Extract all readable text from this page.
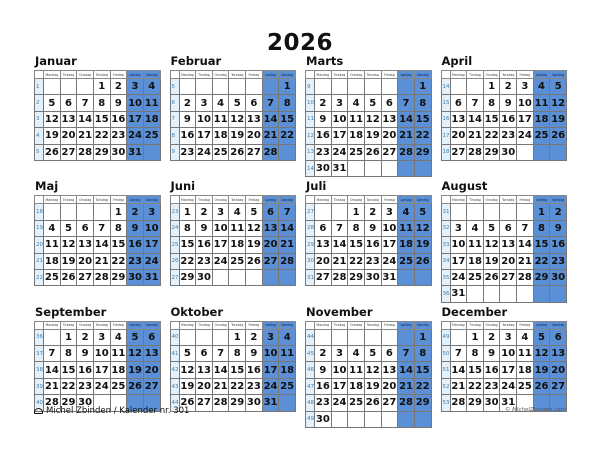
2026
Januar
	Mandag	Tirsdag	Onsdag	Torsdag	Fredag	Lørdag	Søndag
1				1	2	3	4
2	5	6	7	8	9	10	11
3	12	13	14	15	16	17	18
4	19	20	21	22	23	24	25
5	26	27	28	29	30	31	
Februar
	Mandag	Tirsdag	Onsdag	Torsdag	Fredag	Lørdag	Søndag
5							1
6	2	3	4	5	6	7	8
7	9	10	11	12	13	14	15
8	16	17	18	19	20	21	22
9	23	24	25	26	27	28	
Marts
	Mandag	Tirsdag	Onsdag	Torsdag	Fredag	Lørdag	Søndag
9							1
10	2	3	4	5	6	7	8
11	9	10	11	12	13	14	15
12	16	17	18	19	20	21	22
13	23	24	25	26	27	28	29
14	30	31					
April
	Mandag	Tirsdag	Onsdag	Torsdag	Fredag	Lørdag	Søndag
14			1	2	3	4	5
15	6	7	8	9	10	11	12
16	13	14	15	16	17	18	19
17	20	21	22	23	24	25	26
18	27	28	29	30			
Maj
	Mandag	Tirsdag	Onsdag	Torsdag	Fredag	Lørdag	Søndag
18					1	2	3
19	4	5	6	7	8	9	10
20	11	12	13	14	15	16	17
21	18	19	20	21	22	23	24
22	25	26	27	28	29	30	31
Juni
	Mandag	Tirsdag	Onsdag	Torsdag	Fredag	Lørdag	Søndag
23	1	2	3	4	5	6	7
24	8	9	10	11	12	13	14
25	15	16	17	18	19	20	21
26	22	23	24	25	26	27	28
27	29	30					
Juli
	Mandag	Tirsdag	Onsdag	Torsdag	Fredag	Lørdag	Søndag
27			1	2	3	4	5
28	6	7	8	9	10	11	12
29	13	14	15	16	17	18	19
30	20	21	22	23	24	25	26
31	27	28	29	30	31		
August
	Mandag	Tirsdag	Onsdag	Torsdag	Fredag	Lørdag	Søndag
31						1	2
32	3	4	5	6	7	8	9
33	10	11	12	13	14	15	16
34	17	18	19	20	21	22	23
35	24	25	26	27	28	29	30
36	31						
September
	Mandag	Tirsdag	Onsdag	Torsdag	Fredag	Lørdag	Søndag
36		1	2	3	4	5	6
37	7	8	9	10	11	12	13
38	14	15	16	17	18	19	20
39	21	22	23	24	25	26	27
40	28	29	30				
Oktober
	Mandag	Tirsdag	Onsdag	Torsdag	Fredag	Lørdag	Søndag
40				1	2	3	4
41	5	6	7	8	9	10	11
42	12	13	14	15	16	17	18
43	19	20	21	22	23	24	25
44	26	27	28	29	30	31	
November
	Mandag	Tirsdag	Onsdag	Torsdag	Fredag	Lørdag	Søndag
44							1
45	2	3	4	5	6	7	8
46	9	10	11	12	13	14	15
47	16	17	18	19	20	21	22
48	23	24	25	26	27	28	29
49	30						
December
	Mandag	Tirsdag	Onsdag	Torsdag	Fredag	Lørdag	Søndag
49		1	2	3	4	5	6
50	7	8	9	10	11	12	13
51	14	15	16	17	18	19	20
52	21	22	23	24	25	26	27
53	28	29	30	31			
Michel Zbinden / Kalender nr. 301	© MichelZbinden.com
